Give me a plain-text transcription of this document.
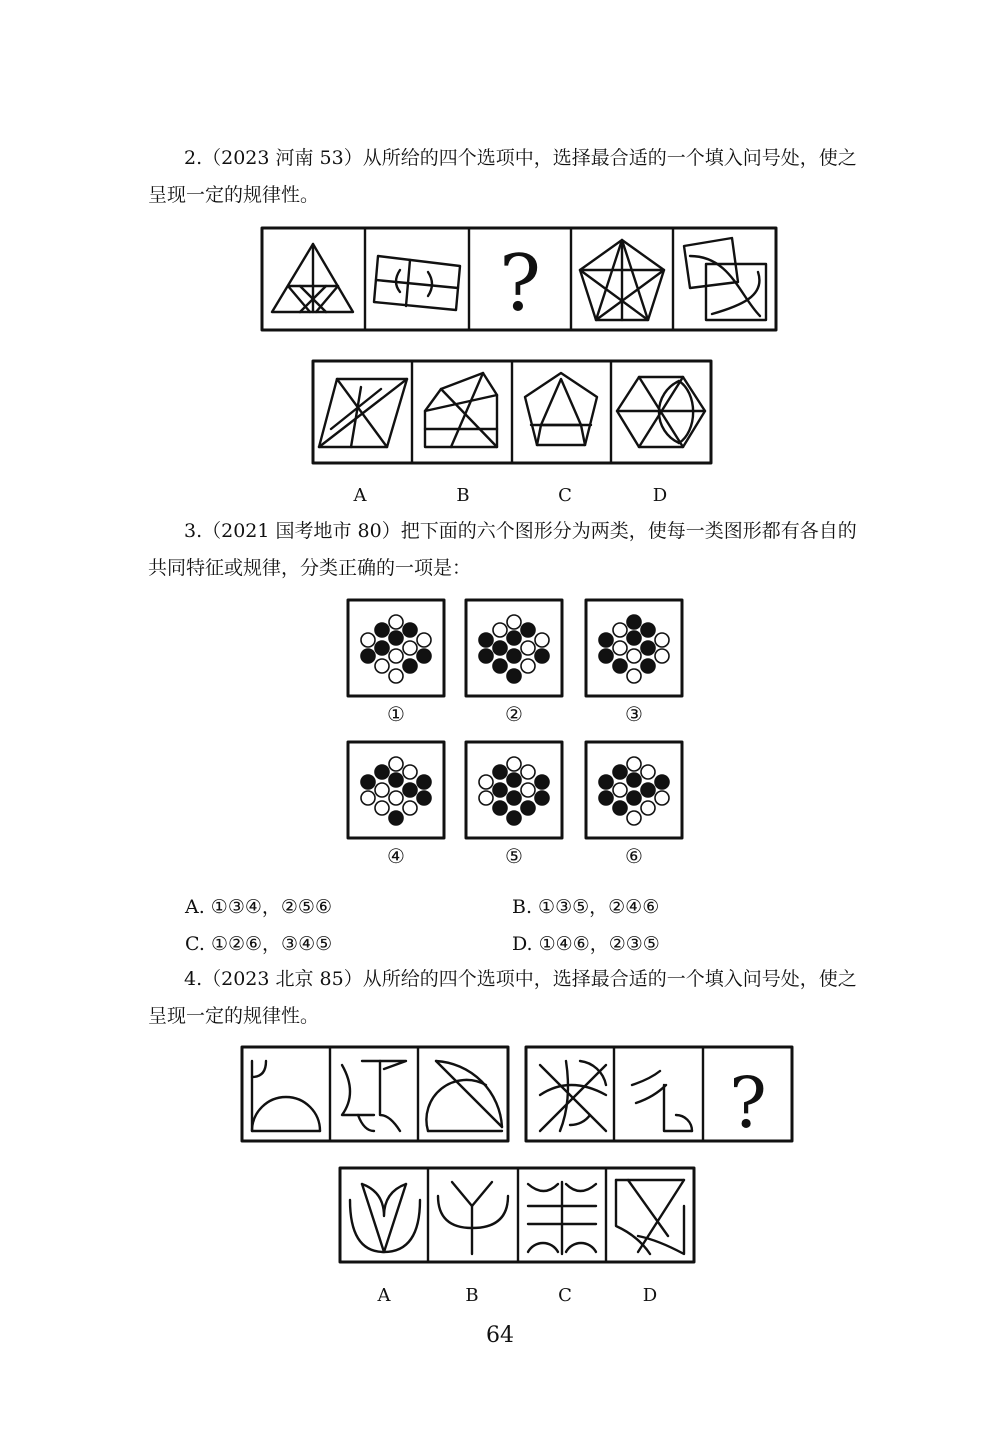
2.（2023 河南 53）从所给的四个选项中，选择最合适的一个填入问号处，使之

呈现一定的规律性。

?
A	B	C	D

3.（2021 国考地市 80）把下面的六个图形分为两类，使每一类图形都有各自的

共同特征或规律，分类正确的一项是：

①	②	③
④	⑤	⑥
A. ①③④，②⑤⑥	B. ①③⑤，②④⑥
C. ①②⑥，③④⑤	D. ①④⑥，②③⑤

4.（2023 北京 85）从所给的四个选项中，选择最合适的一个填入问号处，使之

呈现一定的规律性。

?
A	B	C	D
64
